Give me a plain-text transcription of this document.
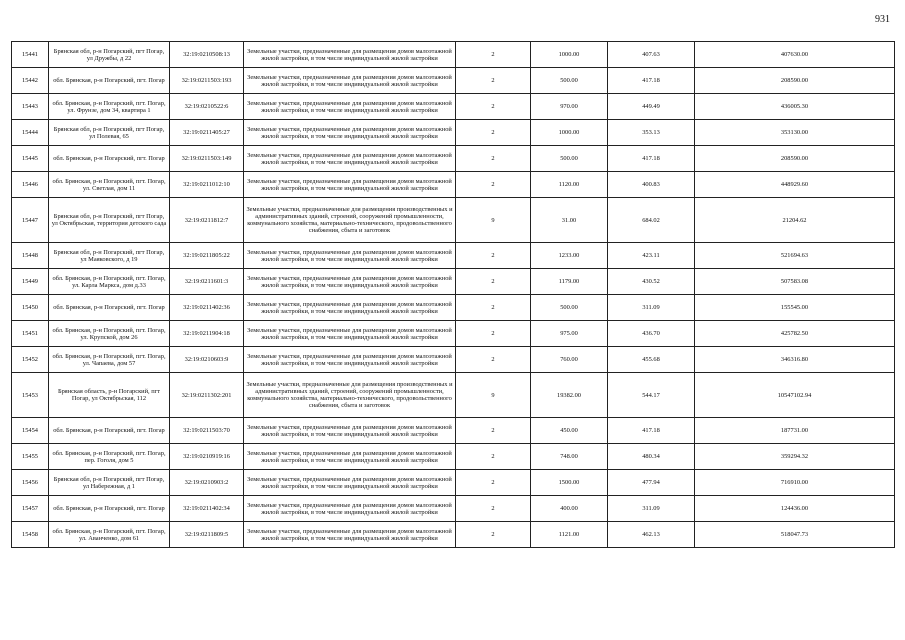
931
15441	Брянская обл, р-н Погарский, пгт Погар, ул Дружбы, д 22	32:19:0210508:13	Земельные участки, предназначенные для размещения домов малоэтажной жилой застройки, в том числе индивидуальной жилой застройки	2	1000.00	407.63	407630.00
15442	обл. Брянская, р-н Погарский, пгт. Погар	32:19:0211503:193	Земельные участки, предназначенные для размещения домов малоэтажной жилой застройки, в том числе индивидуальной жилой застройки	2	500.00	417.18	208590.00
15443	обл. Брянская, р-н Погарский, пгт. Погар, ул. Фрунзе, дом 34, квартира 1	32:19:0210522:6	Земельные участки, предназначенные для размещения домов малоэтажной жилой застройки, в том числе индивидуальной жилой застройки	2	970.00	449.49	436005.30
15444	Брянская обл, р-н Погарский, пгт Погар, ул Полевая, 65	32:19:0211405:27	Земельные участки, предназначенные для размещения домов малоэтажной жилой застройки, в том числе индивидуальной жилой застройки	2	1000.00	353.13	353130.00
15445	обл. Брянская, р-н Погарский, пгт. Погар	32:19:0211503:149	Земельные участки, предназначенные для размещения домов малоэтажной жилой застройки, в том числе индивидуальной жилой застройки	2	500.00	417.18	208590.00
15446	обл. Брянская, р-н Погарский, пгт. Погар, ул. Светлая, дом 11	32:19:0211012:10	Земельные участки, предназначенные для размещения домов малоэтажной жилой застройки, в том числе индивидуальной жилой застройки	2	1120.00	400.83	448929.60
15447	Брянская обл, р-н Погарский, пгт Погар, ул Октябрьская, территория детского сада	32:19:0211812:7	Земельные участки, предназначенные для размещения производственных и административных зданий, строений, сооружений промышленности, коммунального хозяйства, материально-технического, продовольственного снабжения, сбыта и заготовок	9	31.00	684.02	21204.62
15448	Брянская обл, р-н Погарский, пгт Погар, ул Маяковского, д 19	32:19:0211805:22	Земельные участки, предназначенные для размещения домов малоэтажной жилой застройки, в том числе индивидуальной жилой застройки	2	1233.00	423.11	521694.63
15449	обл. Брянская, р-н Погарский, пгт. Погар, ул. Карла Маркса, дом д.33	32:19:0211601:3	Земельные участки, предназначенные для размещения домов малоэтажной жилой застройки, в том числе индивидуальной жилой застройки	2	1179.00	430.52	507583.08
15450	обл. Брянская, р-н Погарский, пгт. Погар	32:19:0211402:36	Земельные участки, предназначенные для размещения домов малоэтажной жилой застройки, в том числе индивидуальной жилой застройки	2	500.00	311.09	155545.00
15451	обл. Брянская, р-н Погарский, пгт. Погар, ул. Крупской, дом 26	32:19:0211904:18	Земельные участки, предназначенные для размещения домов малоэтажной жилой застройки, в том числе индивидуальной жилой застройки	2	975.00	436.70	425782.50
15452	обл. Брянская, р-н Погарский, пгт. Погар, ул. Чапаева, дом 57	32:19:0210603:9	Земельные участки, предназначенные для размещения домов малоэтажной жилой застройки, в том числе индивидуальной жилой застройки	2	760.00	455.68	346316.80
15453	Брянская область, р-н Погарский, пгт Погар, ул Октябрьская, 112	32:19:0211302:201	Земельные участки, предназначенные для размещения производственных и административных зданий, строений, сооружений промышленности, коммунального хозяйства, материально-технического, продовольственного снабжения, сбыта и заготовок	9	19382.00	544.17	10547102.94
15454	обл. Брянская, р-н Погарский, пгт. Погар	32:19:0211503:70	Земельные участки, предназначенные для размещения домов малоэтажной жилой застройки, в том числе индивидуальной жилой застройки	2	450.00	417.18	187731.00
15455	обл. Брянская, р-н Погарский, пгт. Погар, пер. Гоголя, дом 5	32:19:0210919:16	Земельные участки, предназначенные для размещения домов малоэтажной жилой застройки, в том числе индивидуальной жилой застройки	2	748.00	480.34	359294.32
15456	Брянская обл, р-н Погарский, пгт Погар, ул Набережная, д 1	32:19:0210903:2	Земельные участки, предназначенные для размещения домов малоэтажной жилой застройки, в том числе индивидуальной жилой застройки	2	1500.00	477.94	716910.00
15457	обл. Брянская, р-н Погарский, пгт. Погар	32:19:0211402:34	Земельные участки, предназначенные для размещения домов малоэтажной жилой застройки, в том числе индивидуальной жилой застройки	2	400.00	311.09	124436.00
15458	обл. Брянская, р-н Погарский, пгт. Погар, ул. Аванченко, дом 61	32:19:0211809:5	Земельные участки, предназначенные для размещения домов малоэтажной жилой застройки, в том числе индивидуальной жилой застройки	2	1121.00	462.13	518047.73
